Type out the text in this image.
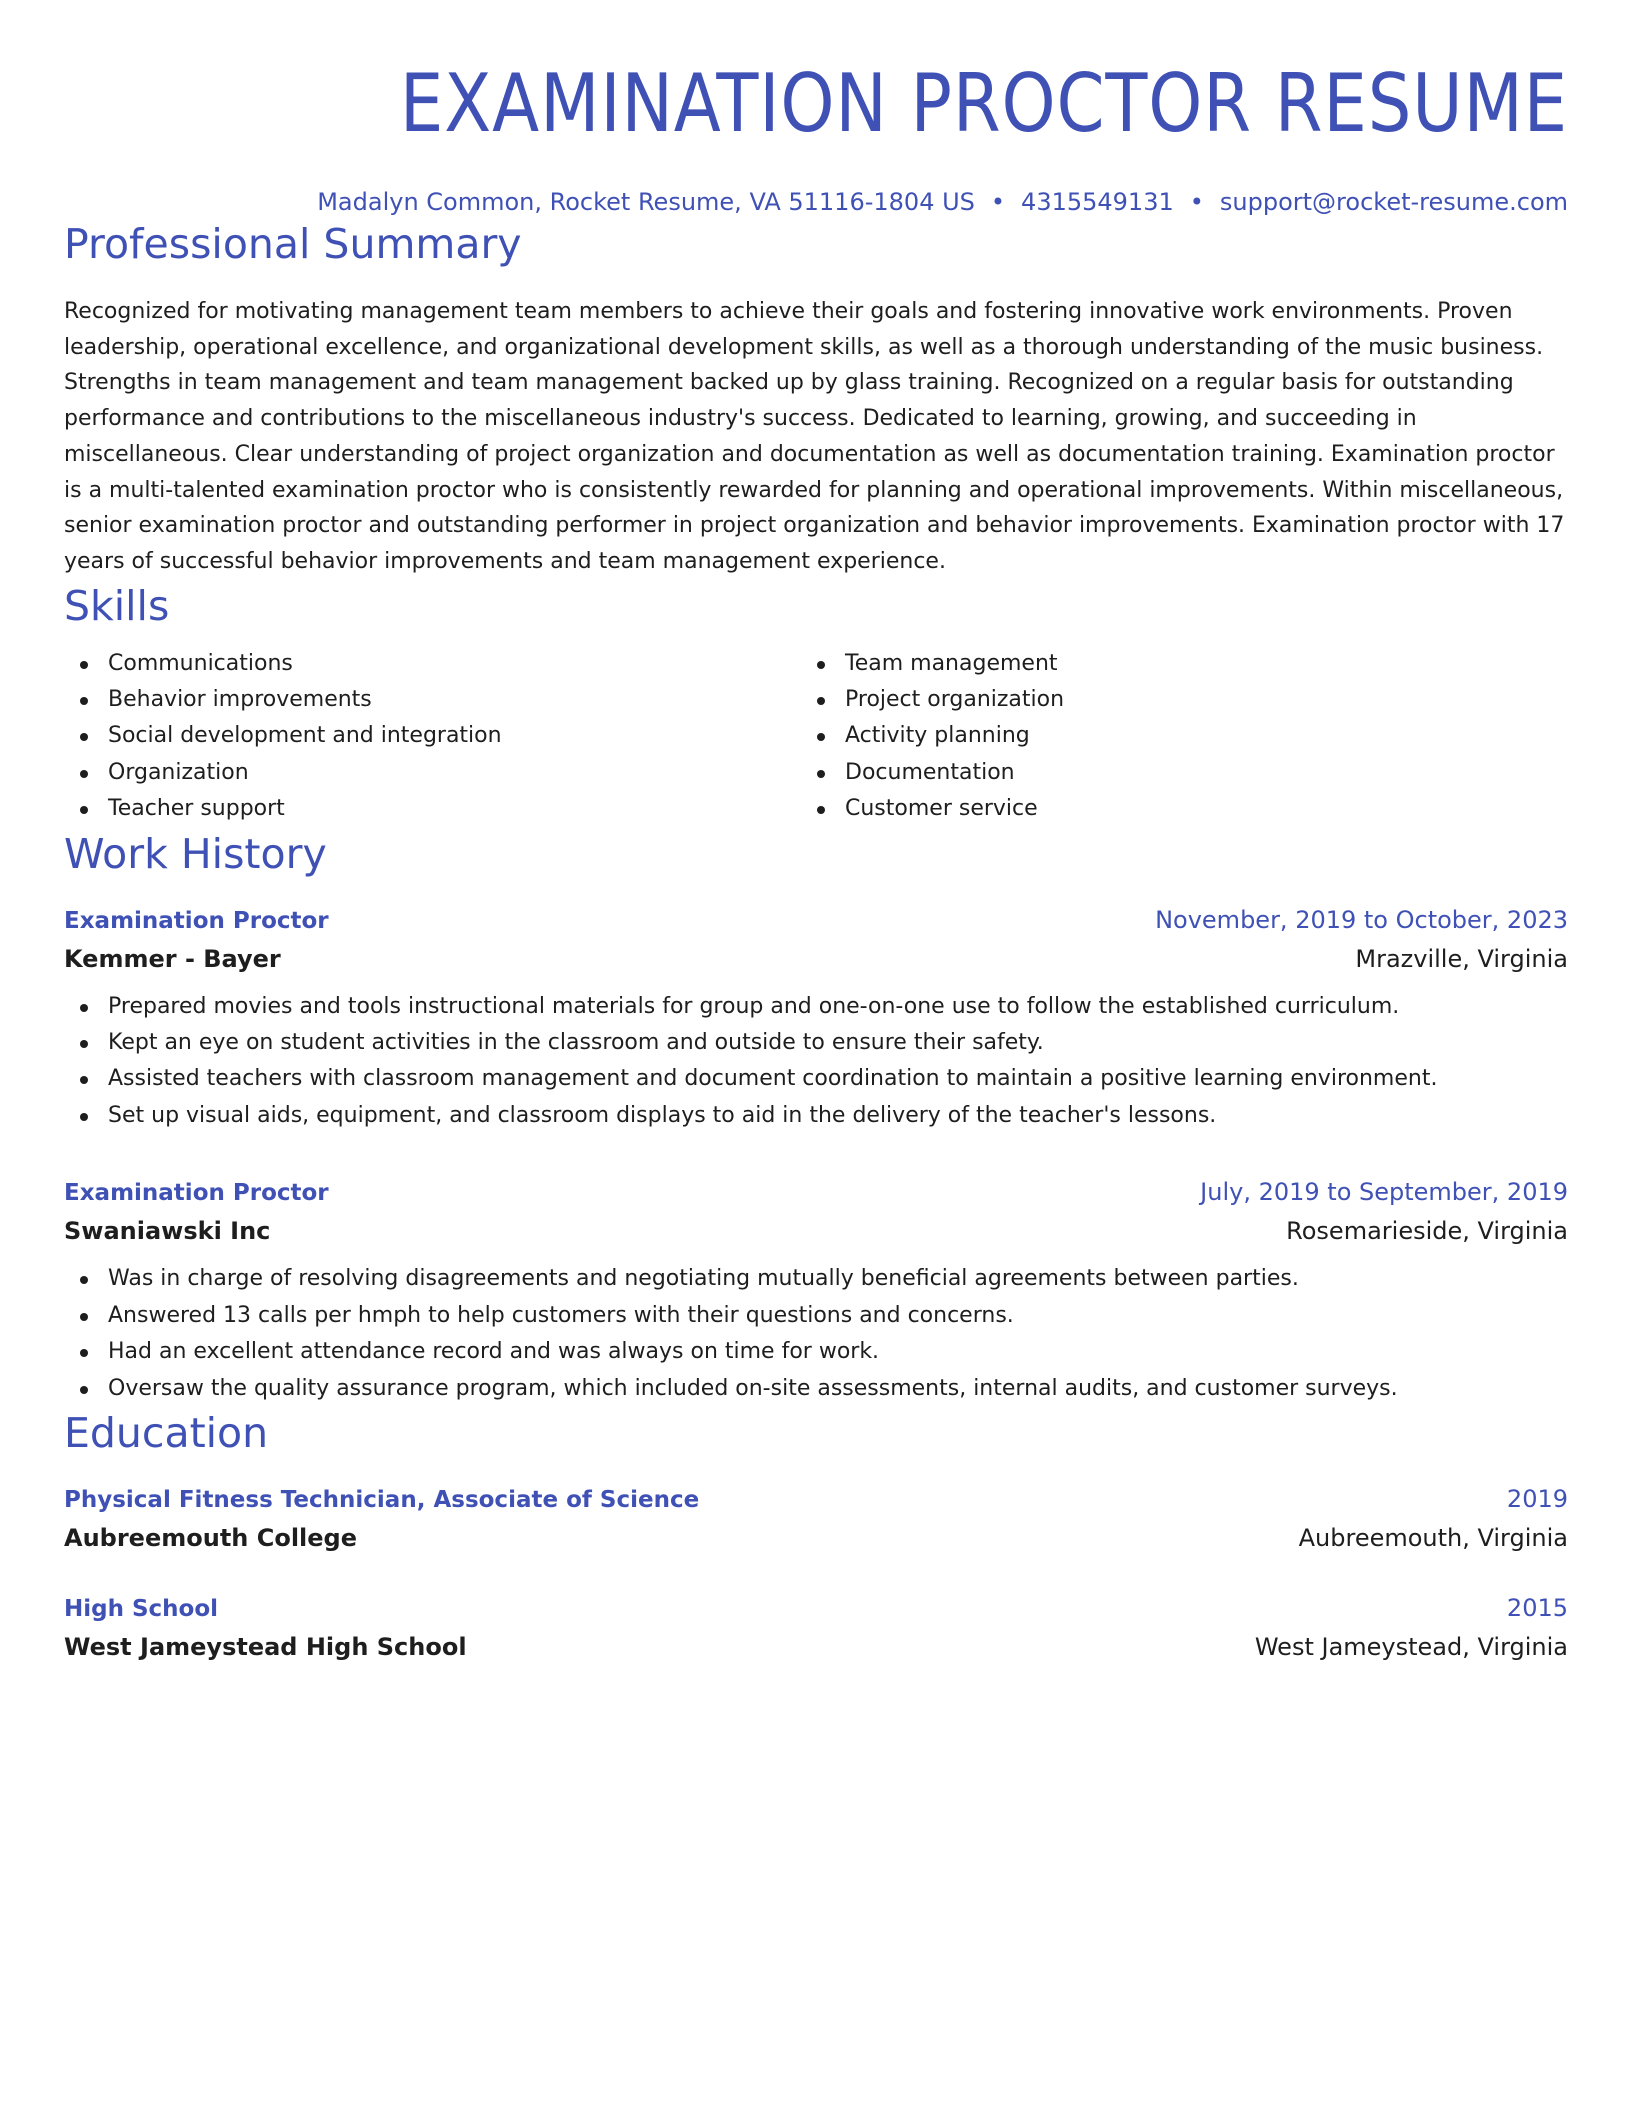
EXAMINATION PROCTOR RESUME
Madalyn Common, Rocket Resume, VA 51116-1804 US • 4315549131 • support@rocket-resume.com
Professional Summary

Recognized for motivating management team members to achieve their goals and fostering innovative work environments. Proven leadership, operational excellence, and organizational development skills, as well as a thorough understanding of the music business. Strengths in team management and team management backed up by glass training. Recognized on a regular basis for outstanding performance and contributions to the miscellaneous industry's success. Dedicated to learning, growing, and succeeding in miscellaneous. Clear understanding of project organization and documentation as well as documentation training. Examination proctor is a multi-talented examination proctor who is consistently rewarded for planning and operational improvements. Within miscellaneous, senior examination proctor and outstanding performer in project organization and behavior improvements. Examination proctor with 17 years of successful behavior improvements and team management experience.

Skills
Communications
Behavior improvements
Social development and integration
Organization
Teacher support
Team management
Project organization
Activity planning
Documentation
Customer service
Work History
Examination Proctor	November, 2019 to October, 2023
Kemmer - Bayer	Mrazville, Virginia
Prepared movies and tools instructional materials for group and one-on-one use to follow the established curriculum.
Kept an eye on student activities in the classroom and outside to ensure their safety.
Assisted teachers with classroom management and document coordination to maintain a positive learning environment.
Set up visual aids, equipment, and classroom displays to aid in the delivery of the teacher's lessons.
Examination Proctor	July, 2019 to September, 2019
Swaniawski Inc	Rosemarieside, Virginia
Was in charge of resolving disagreements and negotiating mutually beneficial agreements between parties.
Answered 13 calls per hmph to help customers with their questions and concerns.
Had an excellent attendance record and was always on time for work.
Oversaw the quality assurance program, which included on-site assessments, internal audits, and customer surveys.
Education
Physical Fitness Technician, Associate of Science	2019
Aubreemouth College	Aubreemouth, Virginia
High School	2015
West Jameystead High School	West Jameystead, Virginia
